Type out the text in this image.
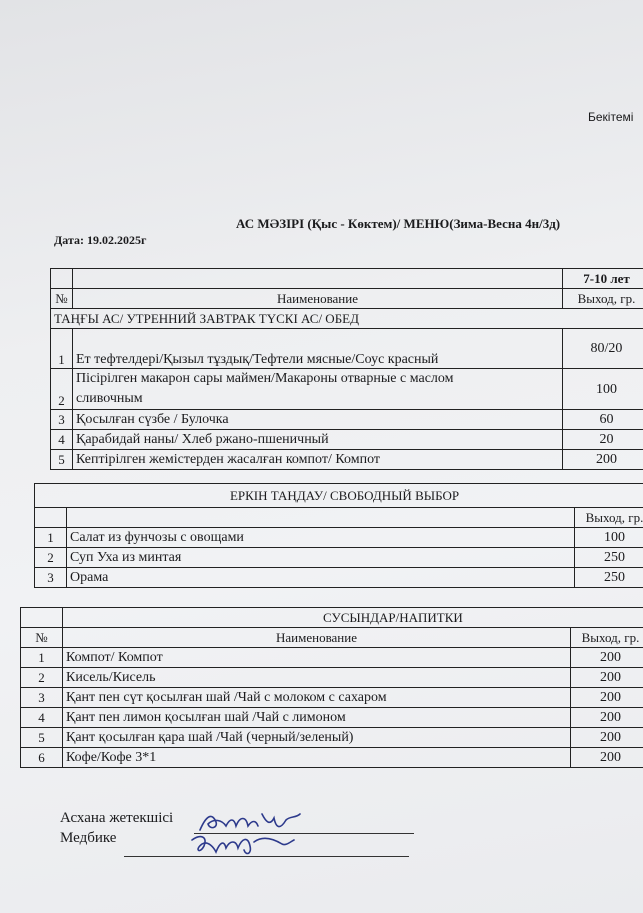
Бекітемі
АС МӘЗІРІ (Қыс - Көктем)/ МЕНЮ(Зима-Весна 4н/3д)
Дата: 19.02.2025г
		7-10 лет
№	Наименование	Выход, гр.
ТАҢҒЫ АС/ УТРЕННИЙ ЗАВТРАК ТҮСКІ АС/ ОБЕД		
1	Ет тефтелдері/Қызыл тұздық/Тефтели мясные/Соус красный	80/20
2	Пісірілген макарон сары маймен/Макароны отварные с маслом
сливочным	100
3	Қосылған сүзбе / Булочка	60
4	Қарабидай наны/ Хлеб ржано-пшеничный	20
5	Кептірілген жемістерден жасалған компот/ Компот	200
ЕРКІН ТАҢДАУ/ СВОБОДНЫЙ ВЫБОР		
		Выход, гр.
1	Салат из фунчозы с овощами	100
2	Суп Уха из минтая	250
3	Орама	250
	СУСЫНДАР/НАПИТКИ	
№	Наименование	Выход, гр.
1	Компот/ Компот	200
2	Кисель/Кисель	200
3	Қант пен сүт қосылған шай /Чай с молоком с сахаром	200
4	Қант пен лимон қосылған шай /Чай с лимоном	200
5	Қант қосылған қара шай /Чай (черный/зеленый)	200
6	Кофе/Кофе 3*1	200
Асхана жетекшісі
Медбике
